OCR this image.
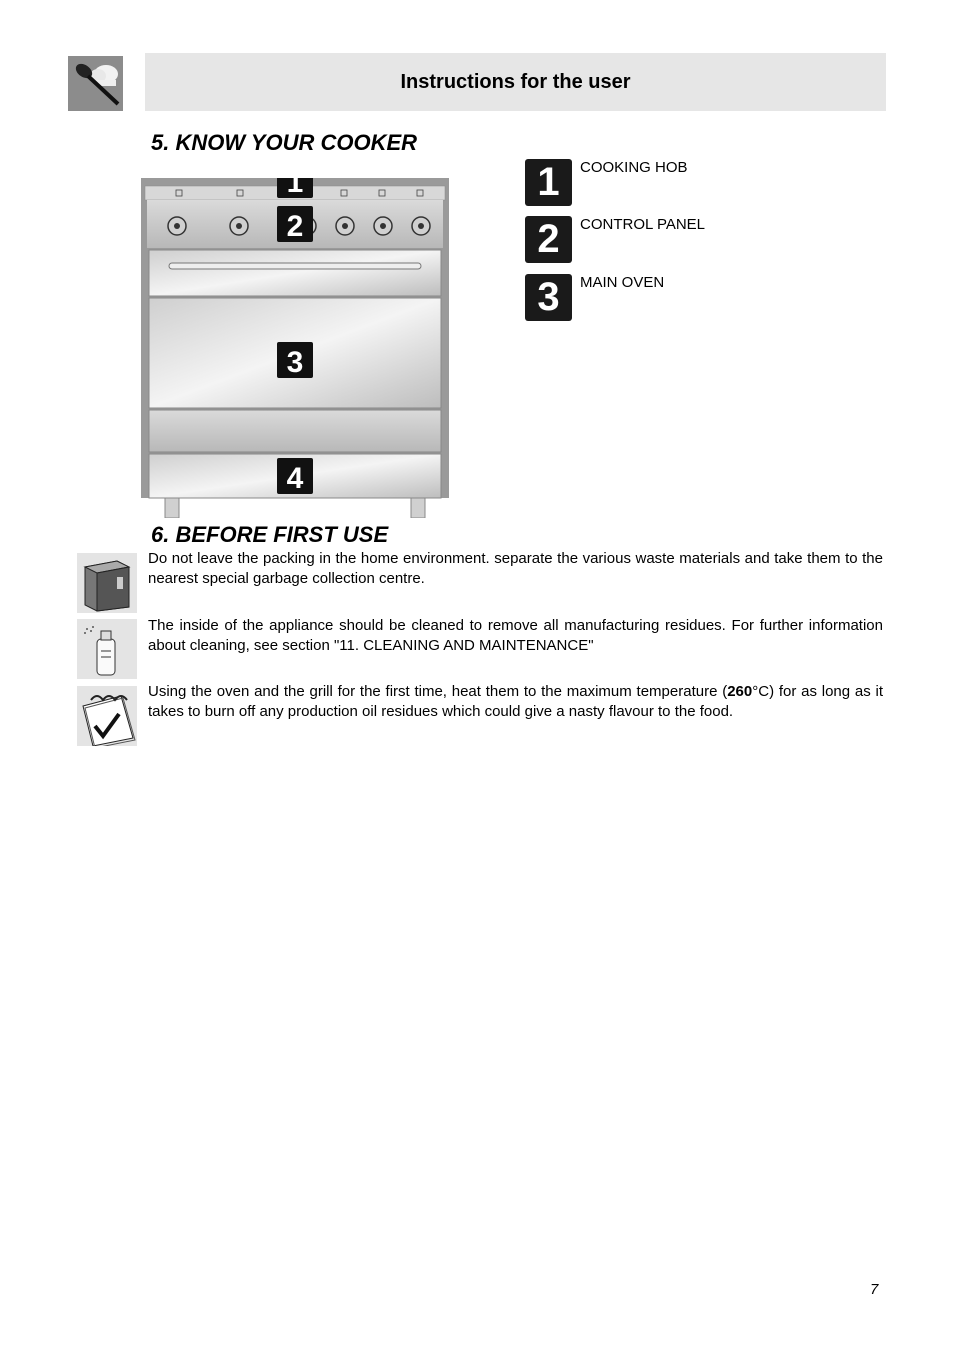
Instructions for the user
5. KNOW YOUR COOKER
1
2
3
4
1	COOKING HOB
2	CONTROL PANEL
3	MAIN OVEN
6. BEFORE FIRST USE
Do not leave the packing in the home environment. separate the various waste materials and take them to the nearest special garbage collection centre.
The inside of the appliance should be cleaned to remove all manufacturing residues. For further information about cleaning, see section "11. CLEANING AND MAINTENANCE"
Using the oven and the grill for the first time, heat them to the maximum temperature (260°C) for as long as it takes to burn off any production oil residues which could give a nasty flavour to the food.
7
